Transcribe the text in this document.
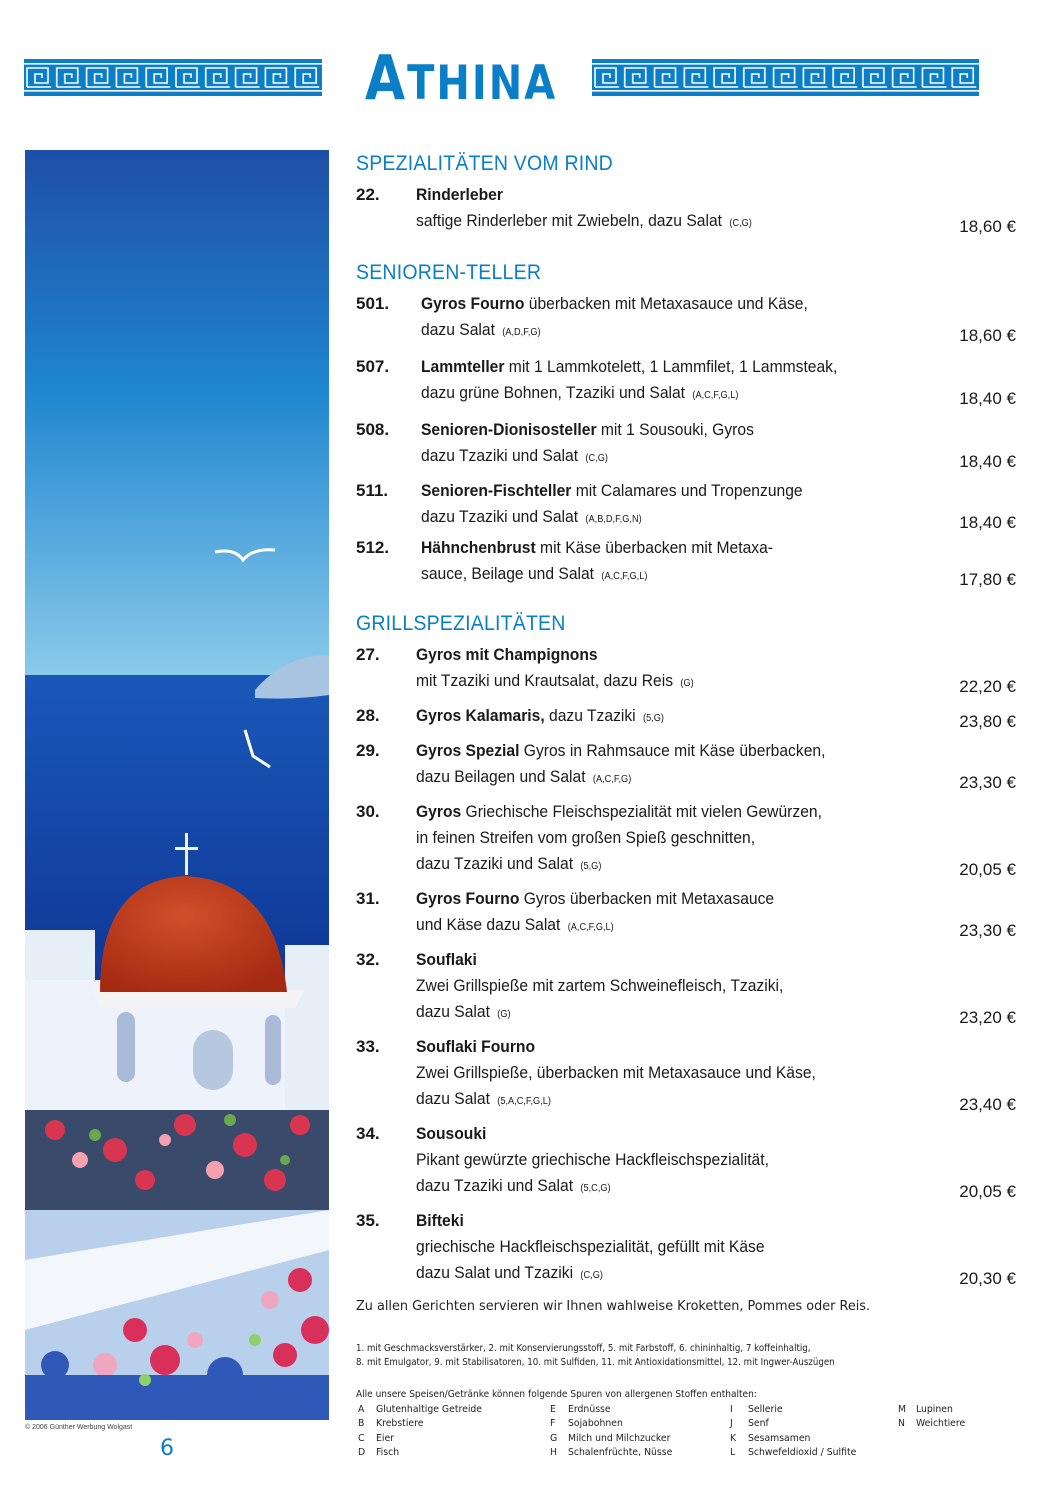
ATHINA
© 2006 Günther Werbung Wolgast
6
SPEZIALITÄTEN VOM RIND
22.	Rinderleber
saftige Rinderleber mit Zwiebeln, dazu Salat (C,G)	18,60 €
SENIOREN-TELLER
501.	Gyros Fourno überbacken mit Metaxasauce und Käse,
dazu Salat (A,D,F,G)	18,60 €
507.	Lammteller mit 1 Lammkotelett, 1 Lammfilet, 1 Lammsteak,
dazu grüne Bohnen, Tzaziki und Salat (A,C,F,G,L)	18,40 €
508.	Senioren-Dionisosteller mit 1 Sousouki, Gyros
dazu Tzaziki und Salat (C,G)	18,40 €
511.	Senioren-Fischteller mit Calamares und Tropenzunge
dazu Tzaziki und Salat (A,B,D,F,G,N)	18,40 €
512.	Hähnchenbrust mit Käse überbacken mit Metaxa-
sauce, Beilage und Salat (A,C,F,G,L)	17,80 €
GRILLSPEZIALITÄTEN
27.	Gyros mit Champignons
mit Tzaziki und Krautsalat, dazu Reis (G)	22,20 €
28.	Gyros Kalamaris, dazu Tzaziki (5,G)	23,80 €
29.	Gyros Spezial Gyros in Rahmsauce mit Käse überbacken,
dazu Beilagen und Salat (A,C,F,G)	23,30 €
30.	Gyros Griechische Fleischspezialität mit vielen Gewürzen,
in feinen Streifen vom großen Spieß geschnitten,
dazu Tzaziki und Salat (5,G)	20,05 €
31.	Gyros Fourno Gyros überbacken mit Metaxasauce
und Käse dazu Salat (A,C,F,G,L)	23,30 €
32.	Souflaki
Zwei Grillspieße mit zartem Schweinefleisch, Tzaziki,
dazu Salat (G)	23,20 €
33.	Souflaki Fourno
Zwei Grillspieße, überbacken mit Metaxasauce und Käse,
dazu Salat (5,A,C,F,G,L)	23,40 €
34.	Sousouki
Pikant gewürzte griechische Hackfleischspezialität,
dazu Tzaziki und Salat (5,C,G)	20,05 €
35.	Bifteki
griechische Hackfleischspezialität, gefüllt mit Käse
dazu Salat und Tzaziki (C,G)	20,30 €
Zu allen Gerichten servieren wir Ihnen wahlweise Kroketten, Pommes oder Reis.
1. mit Geschmacksverstärker, 2. mit Konservierungsstoff, 5. mit Farbstoff, 6. chininhaltig, 7 koffeinhaltig,
8. mit Emulgator, 9. mit Stabilisatoren, 10. mit Sulfiden, 11. mit Antioxidationsmittel, 12. mit Ingwer-Auszügen
Alle unsere Speisen/Getränke können folgende Spuren von allergenen Stoffen enthalten:
A	Glutenhaltige Getreide
B	Krebstiere
C	Eier
D	Fisch
E	Erdnüsse
F	Sojabohnen
G	Milch und Milchzucker
H	Schalenfrüchte, Nüsse
I	Sellerie
J	Senf
K	Sesamsamen
L	Schwefeldioxid / Sulfite
M	Lupinen
N	Weichtiere
